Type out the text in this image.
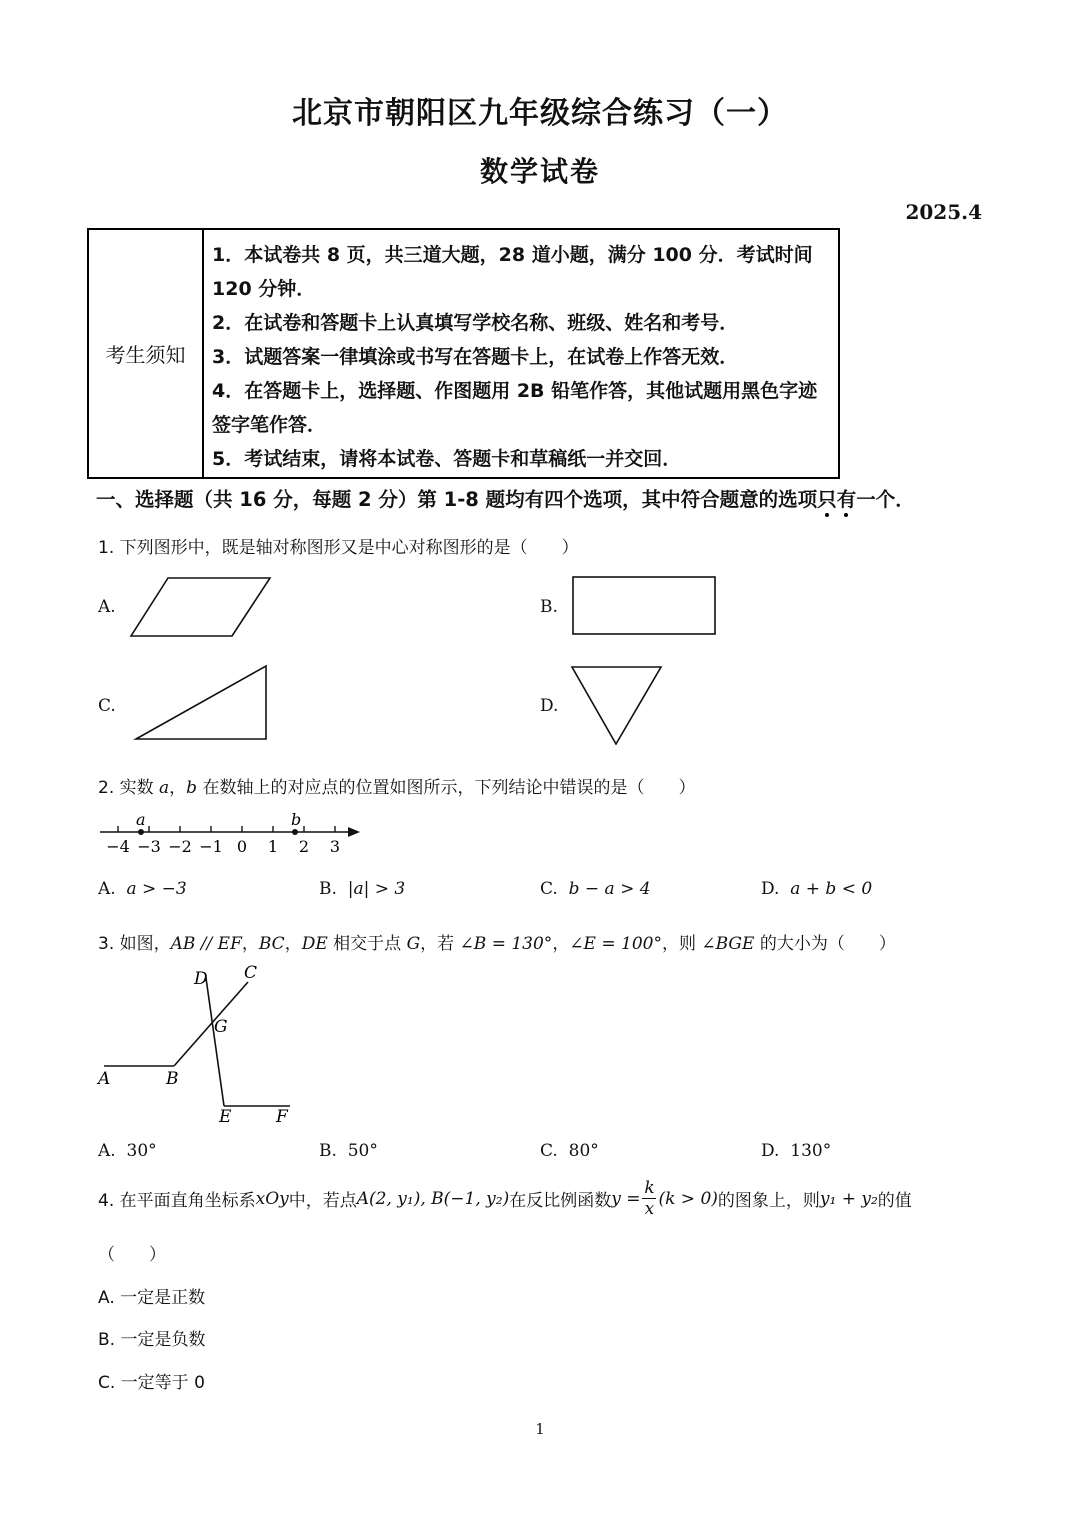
北京市朝阳区九年级综合练习（一）
数学试卷
2025.4
考生须知

1．本试卷共 8 页，共三道大题，28 道小题，满分 100 分．考试时间 120 分钟．

2．在试卷和答题卡上认真填写学校名称、班级、姓名和考号．

3．试题答案一律填涂或书写在答题卡上，在试卷上作答无效．

4．在答题卡上，选择题、作图题用 2B 铅笔作答，其他试题用黑色字迹签字笔作答．

5．考试结束，请将本试卷、答题卡和草稿纸一并交回．

一、选择题（共 16 分，每题 2 分）第 1-8 题均有四个选项，其中符合题意的选项只有一个．
1. 下列图形中，既是轴对称图形又是中心对称图形的是（　　）
A.	B.
C.	D.
2. 实数 a，b 在数轴上的对应点的位置如图所示，下列结论中错误的是（　　）
−4 −3 −2 −1 0 1 2 3
a	b
A. a > −3	B. |a| > 3	C. b − a > 4	D. a + b < 0
3. 如图，AB // EF，BC，DE 相交于点 G，若 ∠B = 130°，∠E = 100°，则 ∠BGE 的大小为（　　）
D C
G
A	B
E	F
A. 30°	B. 50°	C. 80°	D. 130°
4. 在平面直角坐标系 xOy 中，若点 A(2, y₁), B(−1, y₂) 在反比例函数 y =
k
x
(k > 0) 的图象上，则 y₁ + y₂ 的值
（　　）
A. 一定是正数
B. 一定是负数
C. 一定等于 0
1
